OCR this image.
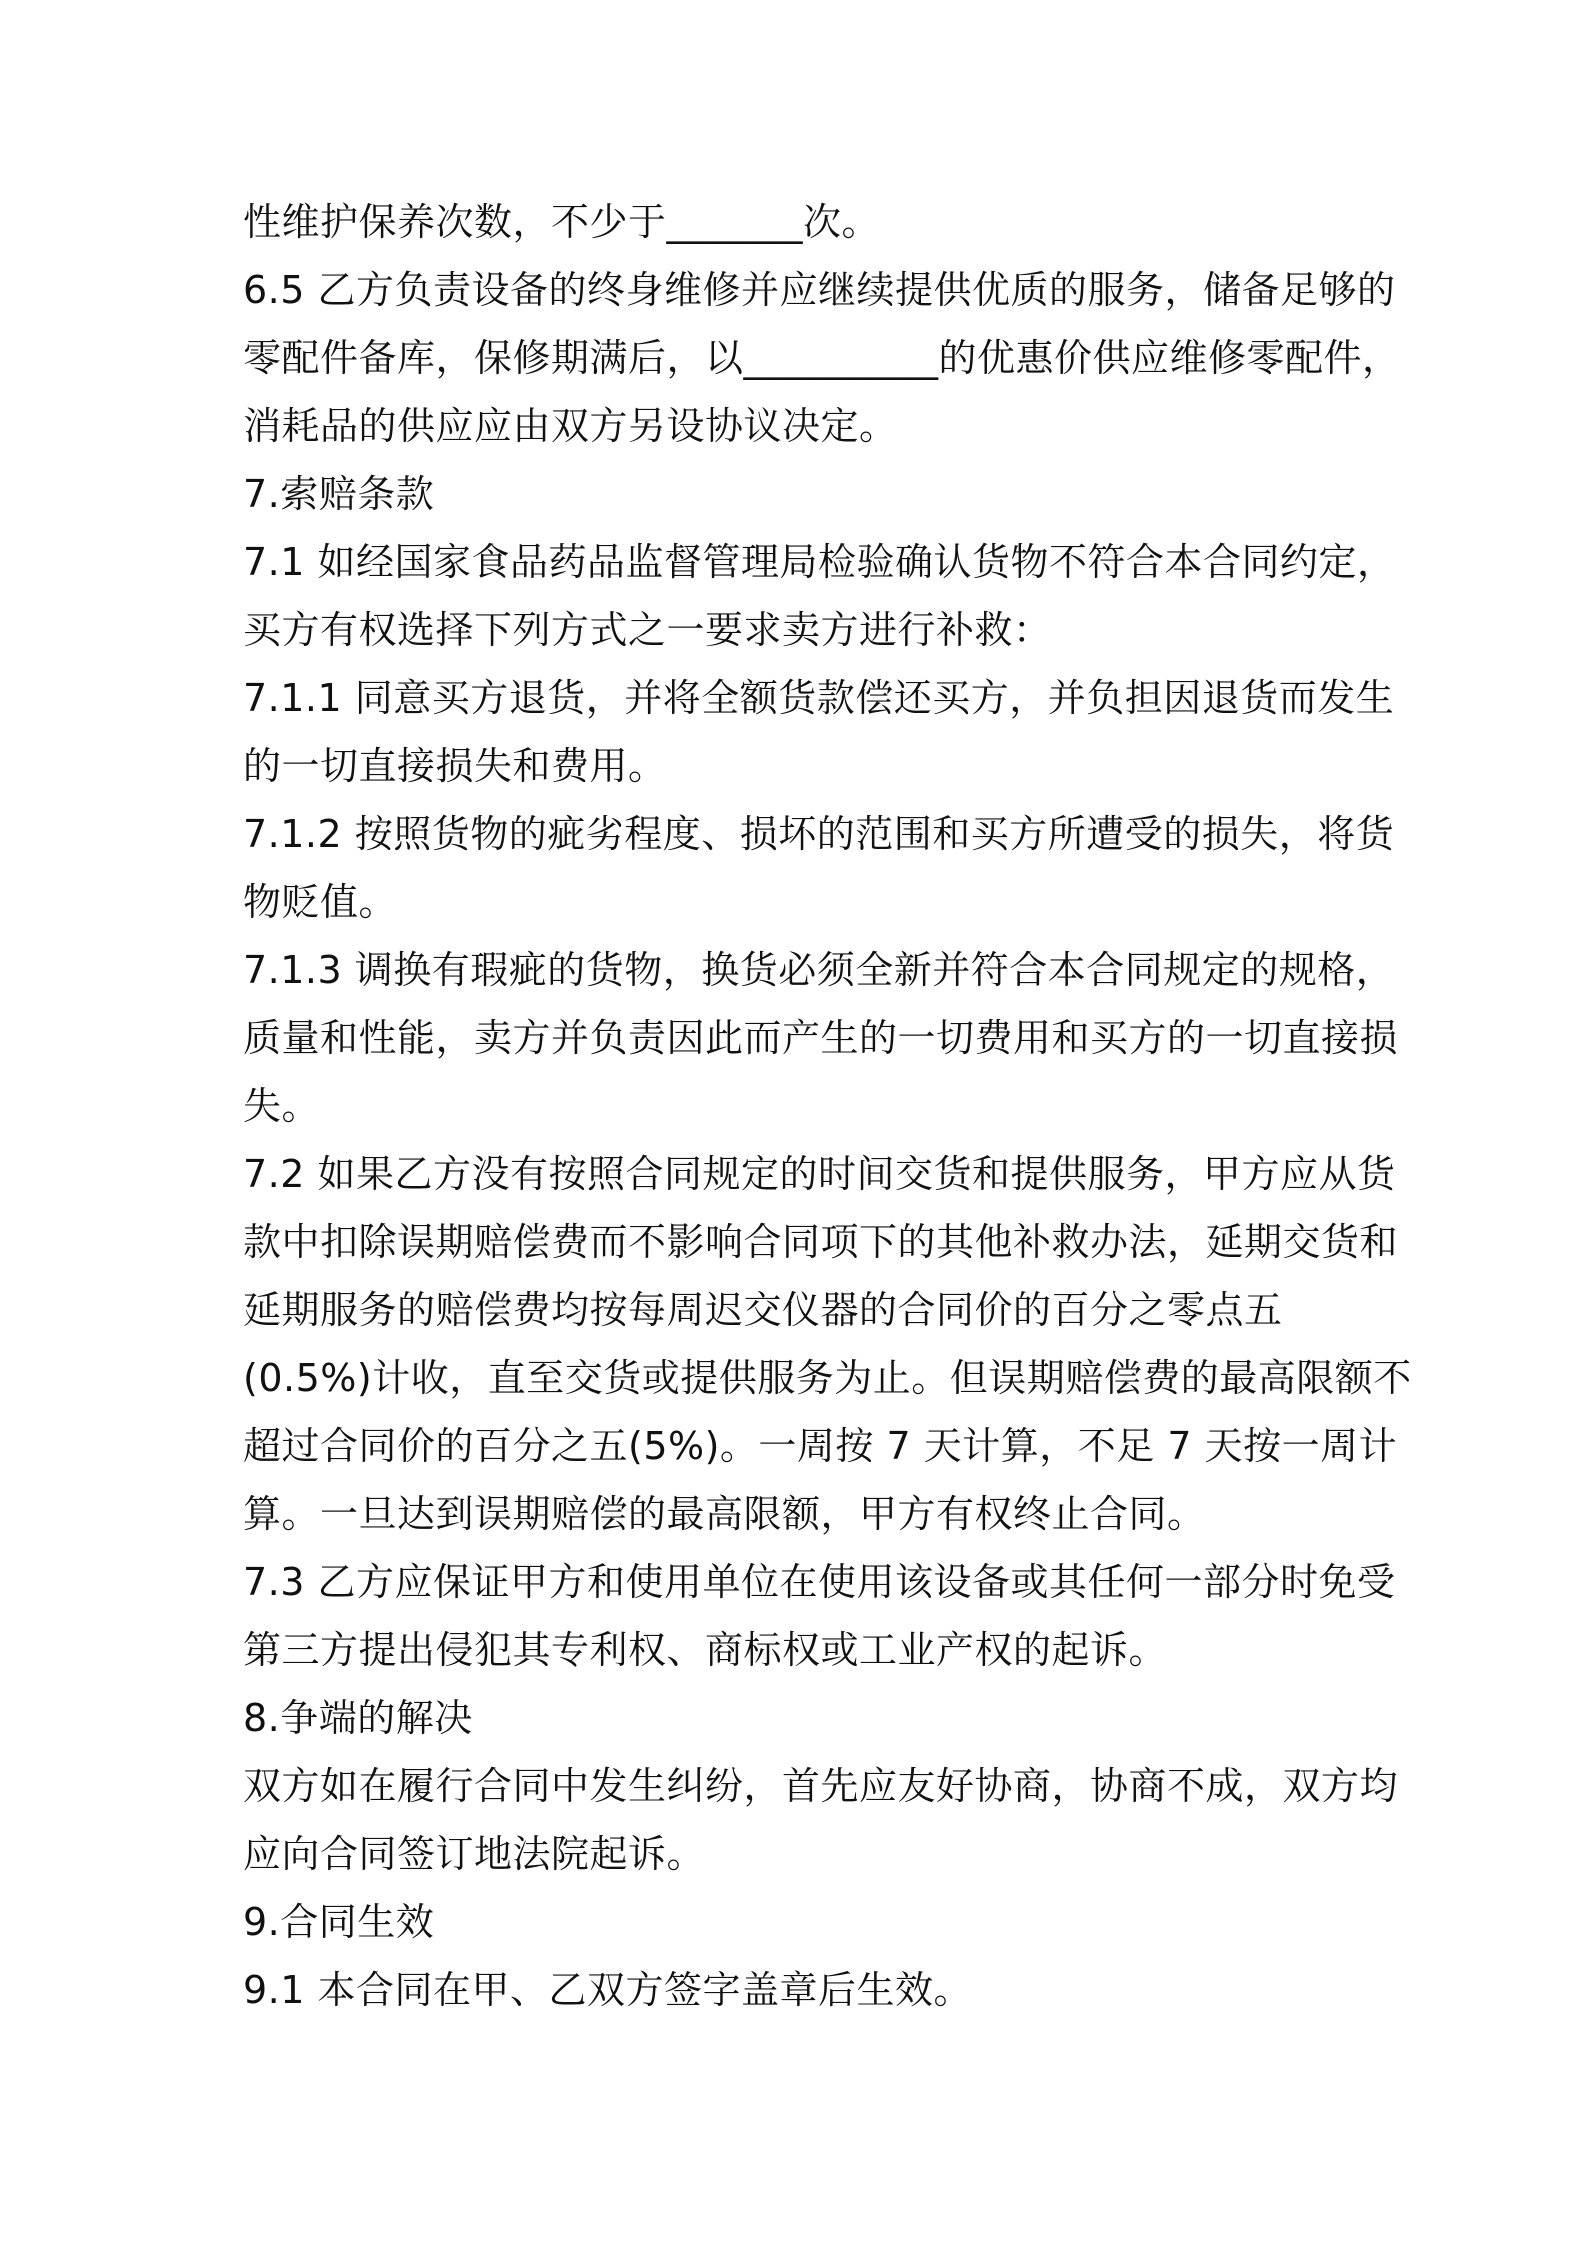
性维护保养次数，不少于_______次。
6.5 乙方负责设备的终身维修并应继续提供优质的服务，储备足够的
零配件备库，保修期满后，以__________的优惠价供应维修零配件，
消耗品的供应应由双方另设协议决定。
7.索赔条款
7.1 如经国家食品药品监督管理局检验确认货物不符合本合同约定，
买方有权选择下列方式之一要求卖方进行补救：
7.1.1 同意买方退货，并将全额货款偿还买方，并负担因退货而发生
的一切直接损失和费用。
7.1.2 按照货物的疵劣程度、损坏的范围和买方所遭受的损失，将货
物贬值。
7.1.3 调换有瑕疵的货物，换货必须全新并符合本合同规定的规格，
质量和性能，卖方并负责因此而产生的一切费用和买方的一切直接损
失。
7.2 如果乙方没有按照合同规定的时间交货和提供服务，甲方应从货
款中扣除误期赔偿费而不影响合同项下的其他补救办法，延期交货和
延期服务的赔偿费均按每周迟交仪器的合同价的百分之零点五
(0.5%)计收，直至交货或提供服务为止。但误期赔偿费的最高限额不
超过合同价的百分之五(5%)。一周按 7 天计算，不足 7 天按一周计
算。一旦达到误期赔偿的最高限额，甲方有权终止合同。
7.3 乙方应保证甲方和使用单位在使用该设备或其任何一部分时免受
第三方提出侵犯其专利权、商标权或工业产权的起诉。
8.争端的解决
双方如在履行合同中发生纠纷，首先应友好协商，协商不成，双方均
应向合同签订地法院起诉。
9.合同生效
9.1 本合同在甲、乙双方签字盖章后生效。
